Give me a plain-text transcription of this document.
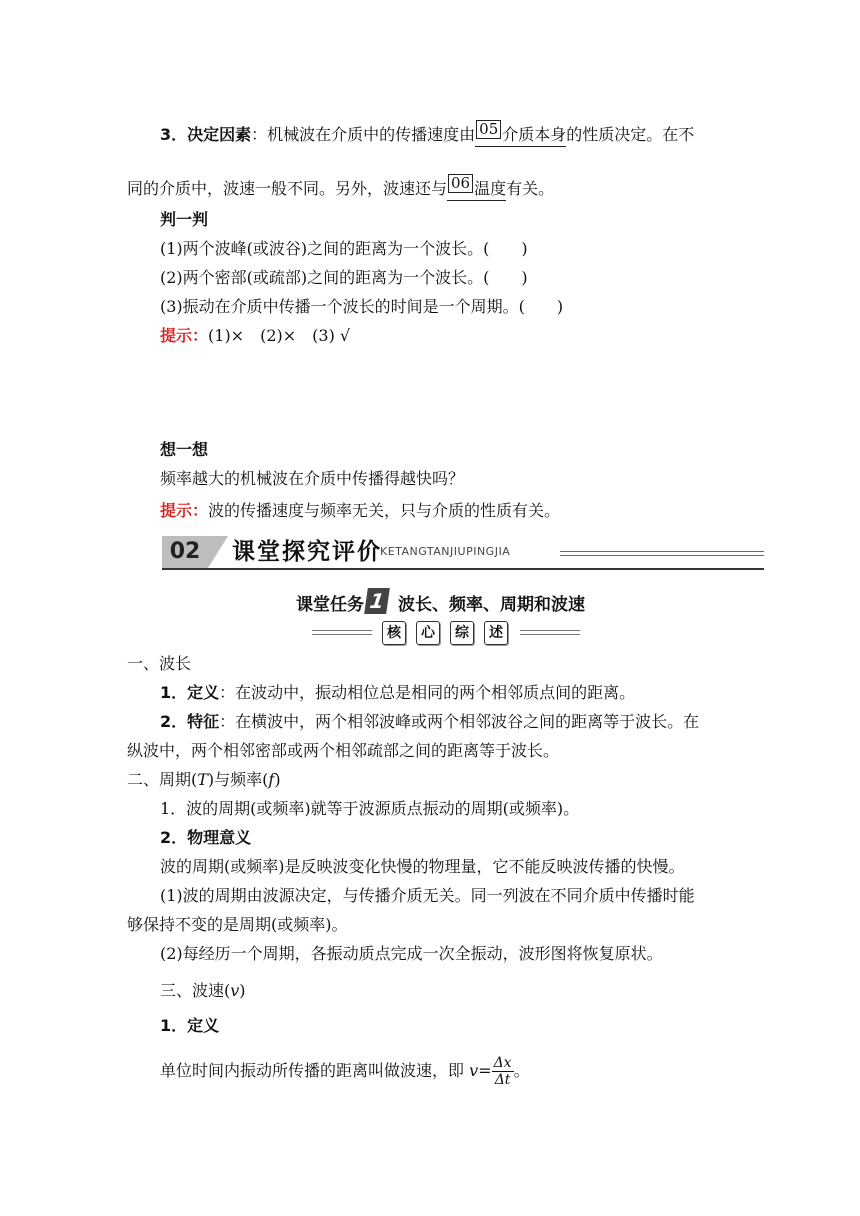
3．决定因素：机械波在介质中的传播速度由 05 介质本身的性质决定。在不
同的介质中，波速一般不同。另外，波速还与 06 温度有关。
判一判
(1)两个波峰(或波谷)之间的距离为一个波长。(　　)
(2)两个密部(或疏部)之间的距离为一个波长。(　　)
(3)振动在介质中传播一个波长的时间是一个周期。(　　)
提示：(1)×　(2)×　(3) √
想一想
频率越大的机械波在介质中传播得越快吗？
提示：波的传播速度与频率无关，只与介质的性质有关。
02	课堂探究评价
KETANGTANJIUPINGJIA
课堂任务 1 波长、频率、周期和波速
核 心 综 述
一、波长
1．定义：在波动中，振动相位总是相同的两个相邻质点间的距离。
2．特征：在横波中，两个相邻波峰或两个相邻波谷之间的距离等于波长。在
纵波中，两个相邻密部或两个相邻疏部之间的距离等于波长。
二、周期(T)与频率(f)
1．波的周期(或频率)就等于波源质点振动的周期(或频率)。
2．物理意义
波的周期(或频率)是反映波变化快慢的物理量，它不能反映波传播的快慢。
(1)波的周期由波源决定，与传播介质无关。同一列波在不同介质中传播时能
够保持不变的是周期(或频率)。
(2)每经历一个周期，各振动质点完成一次全振动，波形图将恢复原状。
三、波速(v)
1．定义
单位时间内振动所传播的距离叫做波速，即 $v= \frac{\Delta x}{\Delta t}$ 。
